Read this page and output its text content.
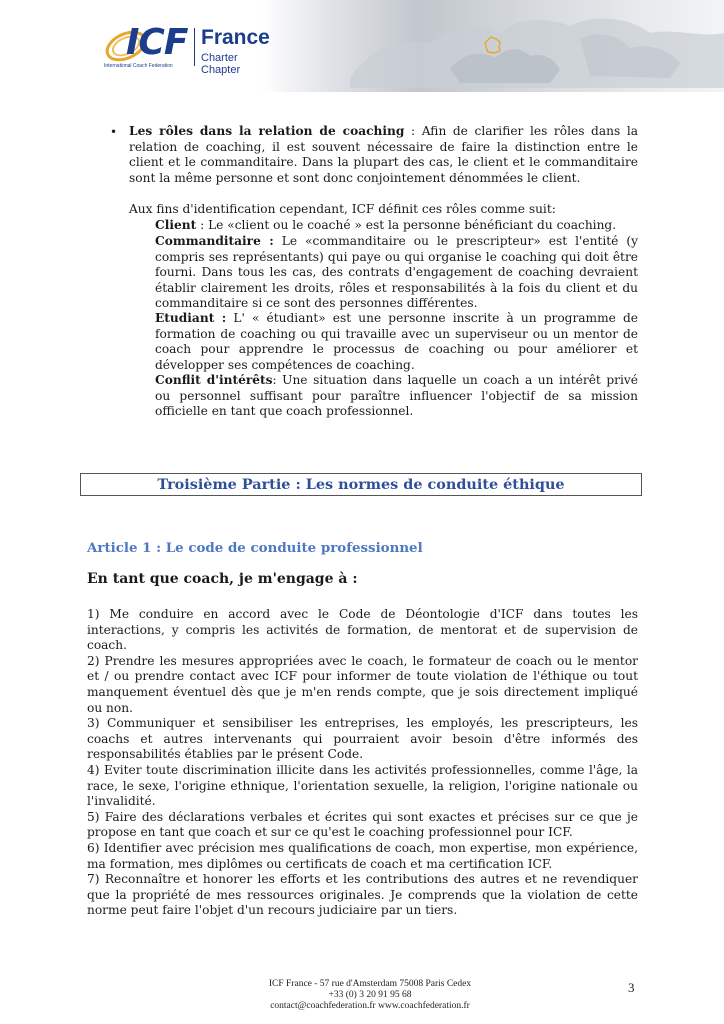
ICF France
Charter Chapter
International Coach Federation
• Les rôles dans la relation de coaching : Afin de clarifier les rôles dans la relation de coaching, il est souvent nécessaire de faire la distinction entre le client et le commanditaire. Dans la plupart des cas, le client et le commanditaire sont la même personne et sont donc conjointement dénommées le client.
Aux fins d'identification cependant, ICF définit ces rôles comme suit:
Client : Le «client ou le coaché » est la personne bénéficiant du coaching.
Commanditaire : Le «commanditaire ou le prescripteur» est l'entité (y compris ses représentants) qui paye ou qui organise le coaching qui doit être fourni. Dans tous les cas, des contrats d'engagement de coaching devraient établir clairement les droits, rôles et responsabilités à la fois du client et du commanditaire si ce sont des personnes différentes.
Etudiant : L' « étudiant» est une personne inscrite à un programme de formation de coaching ou qui travaille avec un superviseur ou un mentor de coach pour apprendre le processus de coaching ou pour améliorer et développer ses compétences de coaching.
Conflit d'intérêts: Une situation dans laquelle un coach a un intérêt privé ou personnel suffisant pour paraître influencer l'objectif de sa mission officielle en tant que coach professionnel.
Troisième Partie : Les normes de conduite éthique
Article 1 : Le code de conduite professionnel
En tant que coach, je m'engage à :

1) Me conduire en accord avec le Code de Déontologie d'ICF dans toutes les interactions, y compris les activités de formation, de mentorat et de supervision de coach.

2) Prendre les mesures appropriées avec le coach, le formateur de coach ou le mentor et / ou prendre contact avec ICF pour informer de toute violation de l'éthique ou tout manquement éventuel dès que je m'en rends compte, que je sois directement impliqué ou non.

3) Communiquer et sensibiliser les entreprises, les employés, les prescripteurs, les coachs et autres intervenants qui pourraient avoir besoin d'être informés des responsabilités établies par le présent Code.

4) Eviter toute discrimination illicite dans les activités professionnelles, comme l'âge, la race, le sexe, l'origine ethnique, l'orientation sexuelle, la religion, l'origine nationale ou l'invalidité.

5) Faire des déclarations verbales et écrites qui sont exactes et précises sur ce que je propose en tant que coach et sur ce qu'est le coaching professionnel pour ICF.

6) Identifier avec précision mes qualifications de coach, mon expertise, mon expérience, ma formation, mes diplômes ou certificats de coach et ma certification ICF.

7) Reconnaître et honorer les efforts et les contributions des autres et ne revendiquer que la propriété de mes ressources originales. Je comprends que la violation de cette norme peut faire l'objet d'un recours judiciaire par un tiers.

ICF France - 57 rue d'Amsterdam 75008 Paris Cedex
+33 (0) 3 20 91 95 68
contact@coachfederation.fr www.coachfederation.fr
3
